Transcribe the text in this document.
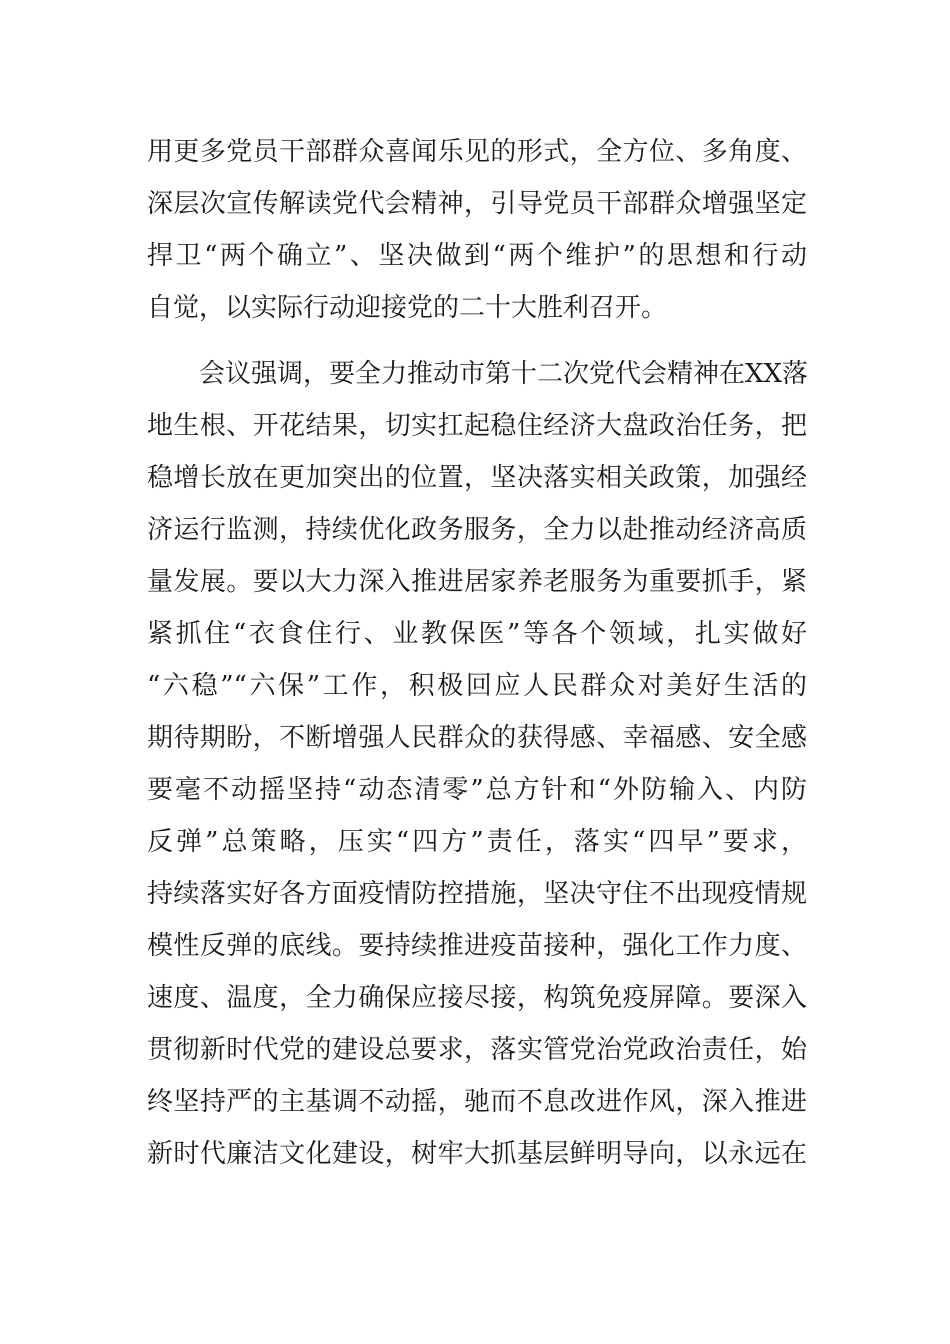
用更多党员干部群众喜闻乐见的形式，全方位、多角度、
深层次宣传解读党代会精神，引导党员干部群众增强坚定
捍卫“两个确立”、坚决做到“两个维护”的思想和行动
自觉，以实际行动迎接党的二十大胜利召开。
会议强调，要全力推动市第十二次党代会精神在XX落
地生根、开花结果，切实扛起稳住经济大盘政治任务，把
稳增长放在更加突出的位置，坚决落实相关政策，加强经
济运行监测，持续优化政务服务，全力以赴推动经济高质
量发展。要以大力深入推进居家养老服务为重要抓手，紧
紧抓住“衣食住行、业教保医”等各个领域，扎实做好
“六稳”“六保”工作，积极回应人民群众对美好生活的
期待期盼，不断增强人民群众的获得感、幸福感、安全感
要毫不动摇坚持“动态清零”总方针和“外防输入、内防
反弹”总策略，压实“四方”责任，落实“四早”要求，
持续落实好各方面疫情防控措施，坚决守住不出现疫情规
模性反弹的底线。要持续推进疫苗接种，强化工作力度、
速度、温度，全力确保应接尽接，构筑免疫屏障。要深入
贯彻新时代党的建设总要求，落实管党治党政治责任，始
终坚持严的主基调不动摇，驰而不息改进作风，深入推进
新时代廉洁文化建设，树牢大抓基层鲜明导向，以永远在
